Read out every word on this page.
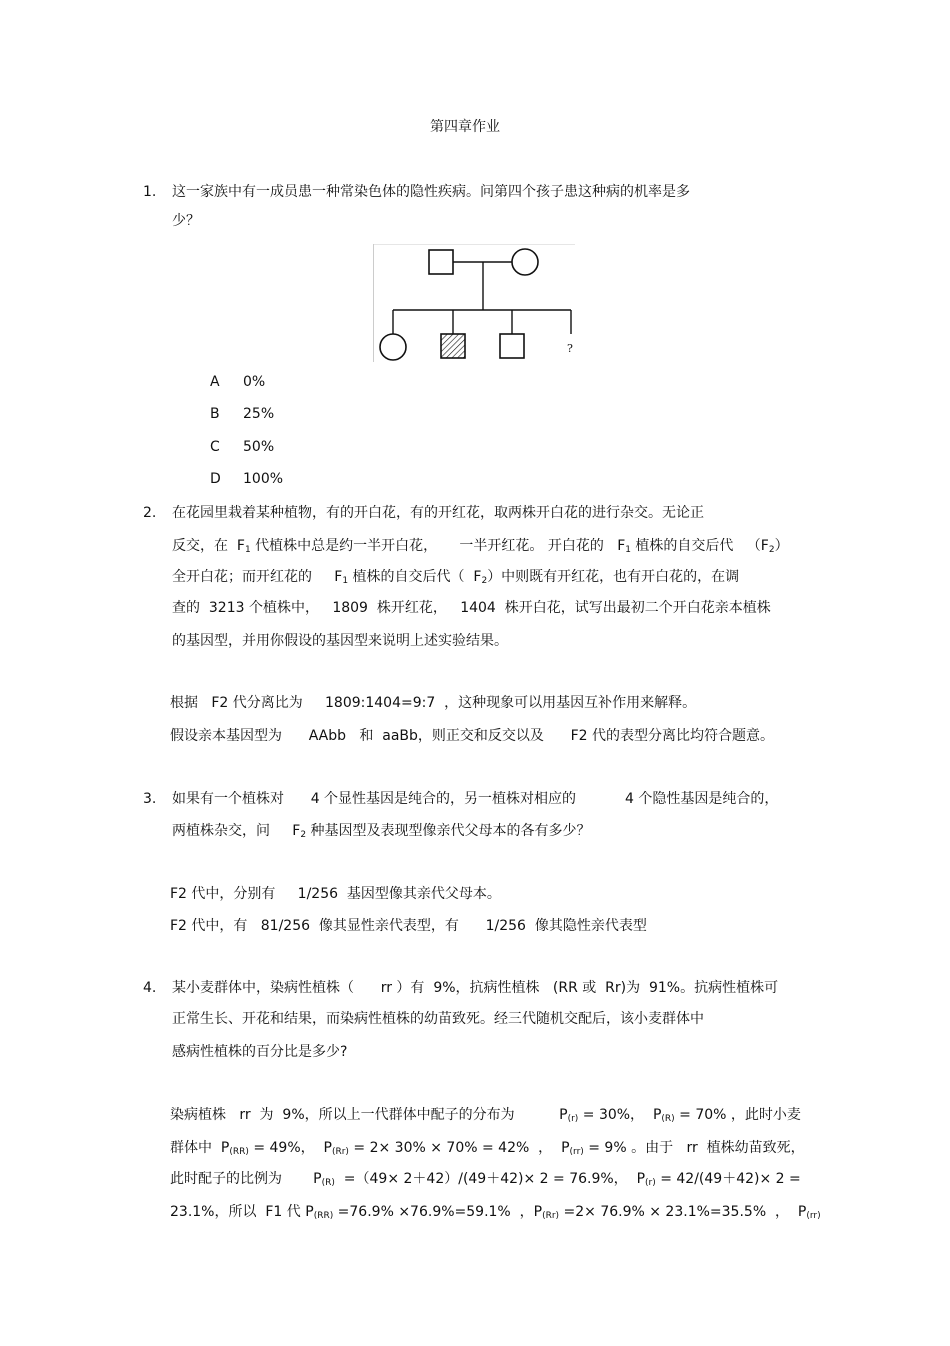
第四章作业
1. 这一家族中有一成员患一种常染色体的隐性疾病。问第四个孩子患这种病的机率是多
少？
?
A 0%
B 25%
C 50%
D 100%
2. 在花园里栽着某种植物，有的开白花，有的开红花，取两株开白花的进行杂交。无论正
反交，在  $F_1$ 代植株中总是约一半开白花，     一半开红花。 开白花的   $F_1$ 植株的自交后代   $(F_2)$
全开白花；而开红花的     $F_1$ 植株的自交后代（  $F_2$）中则既有开红花，也有开白花的，在调
查的  3213 个植株中，   1809  株开红花，   1404  株开白花，试写出最初二个开白花亲本植株
的基因型，并用你假设的基因型来说明上述实验结果。
根据   F2 代分离比为     1809:1404=9:7  ，这种现象可以用基因互补作用来解释。
假设亲本基因型为      AAbb   和  aaBb，则正交和反交以及      F2 代的表型分离比均符合题意。
3. 如果有一个植株对      4 个显性基因是纯合的，另一植株对相应的           4 个隐性基因是纯合的，
两植株杂交，问     $F_2$ 种基因型及表现型像亲代父母本的各有多少？
F2 代中，分别有     1/256  基因型像其亲代父母本。
F2 代中，有   81/256  像其显性亲代表型，有      1/256  像其隐性亲代表型
4. 某小麦群体中，染病性植株（      rr ）有  9%，抗病性植株   (RR 或  Rr)为  91%。抗病性植株可
正常生长、开花和结果，而染病性植株的幼苗致死。经三代随机交配后，该小麦群体中
感病性植株的百分比是多少?
染病植株   rr  为  9%，所以上一代群体中配子的分布为          $P_{(r)} = 30\%$，  $P_{(R)} = 70\%$ ，此时小麦
群体中  $P_{(RR)} = 49\%$，  $P_{(Rr)} = 2\times 30\% \times 70\% = 42\%$  ，  $P_{(rr)} = 9\%$ 。由于   rr  植株幼苗致死，
此时配子的比例为       $P_{(R)} =(49\times 2+42)/(49+42)\times 2 = 76.9\%$，  $P_{(r)} = 42/(49+42)\times 2$ =
23.1%，所以  F1 代 $P_{(RR)} =76.9\% \times 76.9\%=59.1\%$  ，$P_{(Rr)} =2\times 76.9\% \times 23.1\%=35.5\%$  ，  $P_{(rr)}$
